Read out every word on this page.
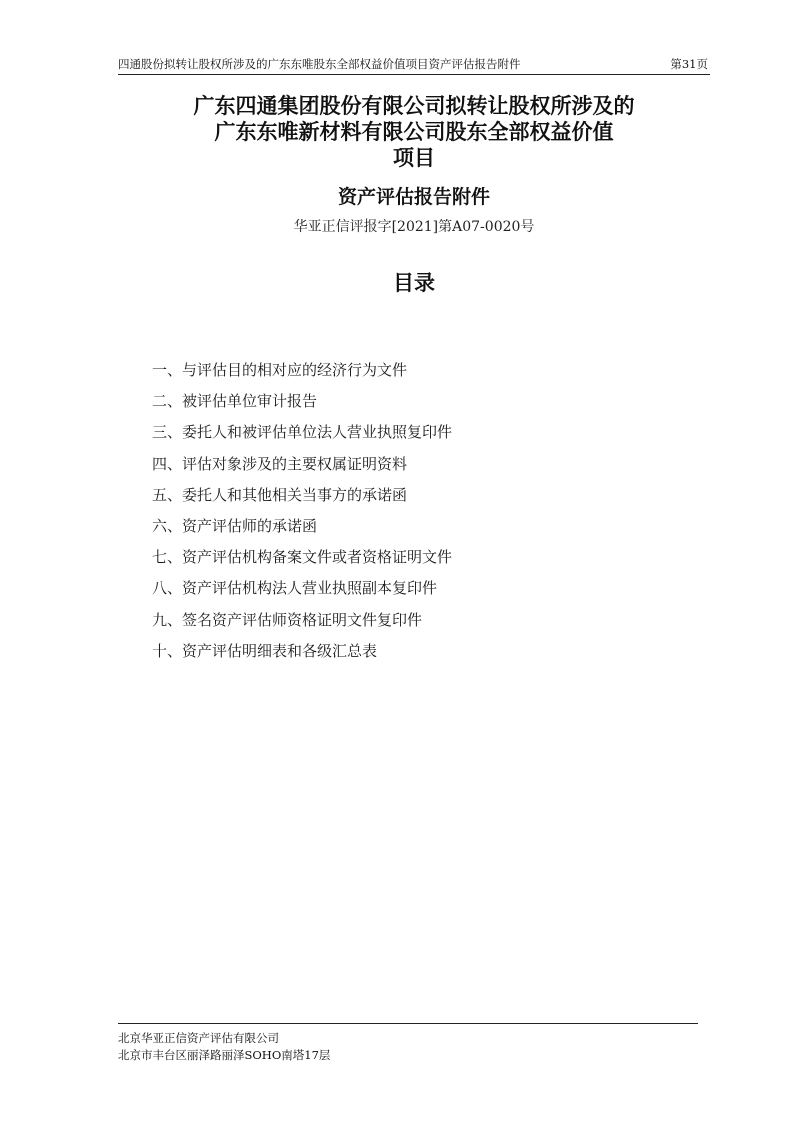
四通股份拟转让股权所涉及的广东东唯股东全部权益价值项目资产评估报告附件	第31页
广东四通集团股份有限公司拟转让股权所涉及的
广东东唯新材料有限公司股东全部权益价值
项目
资产评估报告附件
华亚正信评报字[2021]第A07-0020号
目录
一、与评估目的相对应的经济行为文件
二、被评估单位审计报告
三、委托人和被评估单位法人营业执照复印件
四、评估对象涉及的主要权属证明资料
五、委托人和其他相关当事方的承诺函
六、资产评估师的承诺函
七、资产评估机构备案文件或者资格证明文件
八、资产评估机构法人营业执照副本复印件
九、签名资产评估师资格证明文件复印件
十、资产评估明细表和各级汇总表
北京华亚正信资产评估有限公司
北京市丰台区丽泽路丽泽SOHO南塔17层
